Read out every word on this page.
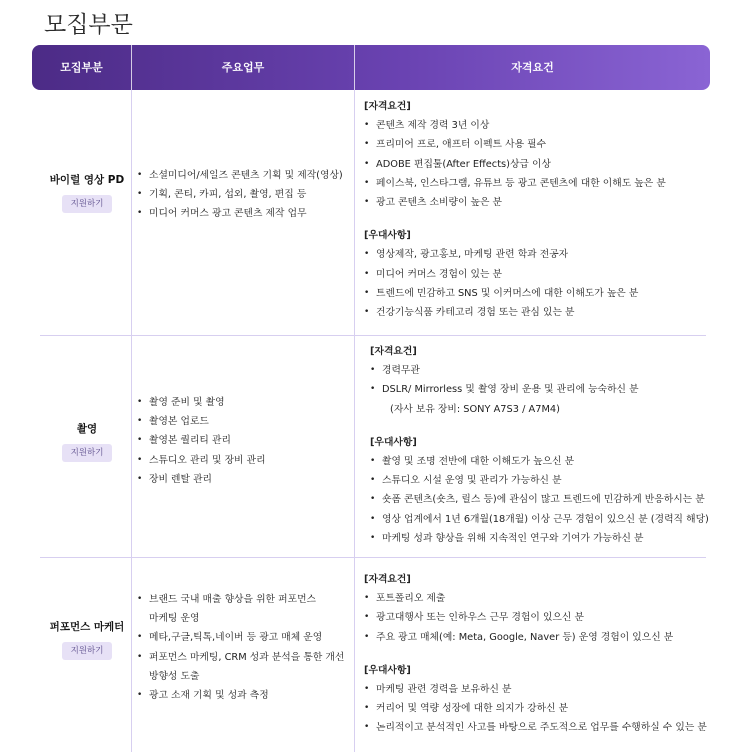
모집부문
모집부분	주요업무	자격요건
바이럴 영상 PD
지원하기
• 소셜미디어/세일즈 콘텐츠 기획 및 제작(영상)
• 기획, 콘티, 카피, 섭외, 촬영, 편집 등
• 미디어 커머스 광고 콘텐츠 제작 업무
[자격요건]
• 콘텐츠 제작 경력 3년 이상
• 프리미어 프로, 애프터 이펙트 사용 필수
• ADOBE 편집툴(After Effects)상급 이상
• 페이스북, 인스타그램, 유튜브 등 광고 콘텐츠에 대한 이해도 높은 분
• 광고 콘텐츠 소비량이 높은 분
[우대사항]
• 영상제작, 광고홍보, 마케팅 관련 학과 전공자
• 미디어 커머스 경험이 있는 분
• 트렌드에 민감하고 SNS 및 이커머스에 대한 이해도가 높은 분
• 건강기능식품 카테고리 경험 또는 관심 있는 분
촬영
지원하기
• 촬영 준비 및 촬영
• 촬영본 업로드
• 촬영본 퀄리티 관리
• 스튜디오 관리 및 장비 관리
• 장비 렌탈 관리
[자격요건]
• 경력무관
• DSLR/ Mirrorless 및 촬영 장비 운용 및 관리에 능숙하신 분
(자사 보유 장비: SONY A7S3 / A7M4)
[우대사항]
• 촬영 및 조명 전반에 대한 이해도가 높으신 분
• 스튜디오 시설 운영 및 관리가 가능하신 분
• 숏폼 콘텐츠(숏츠, 릴스 등)에 관심이 많고 트렌드에 민감하게 반응하시는 분
• 영상 업계에서 1년 6개월(18개월) 이상 근무 경험이 있으신 분 (경력직 해당)
• 마케팅 성과 향상을 위해 지속적인 연구와 기여가 가능하신 분
퍼포먼스 마케터
지원하기
• 브랜드 국내 매출 향상을 위한 퍼포먼스
마케팅 운영
• 메타,구글,틱톡,네이버 등 광고 매체 운영
• 퍼포먼스 마케팅, CRM 성과 분석을 통한 개선
방향성 도출
• 광고 소재 기획 및 성과 측정
[자격요건]
• 포트폴리오 제출
• 광고대행사 또는 인하우스 근무 경험이 있으신 분
• 주요 광고 매체(예: Meta, Google, Naver 등) 운영 경험이 있으신 분
[우대사항]
• 마케팅 관련 경력을 보유하신 분
• 커리어 및 역량 성장에 대한 의지가 강하신 분
• 논리적이고 분석적인 사고를 바탕으로 주도적으로 업무를 수행하실 수 있는 분
